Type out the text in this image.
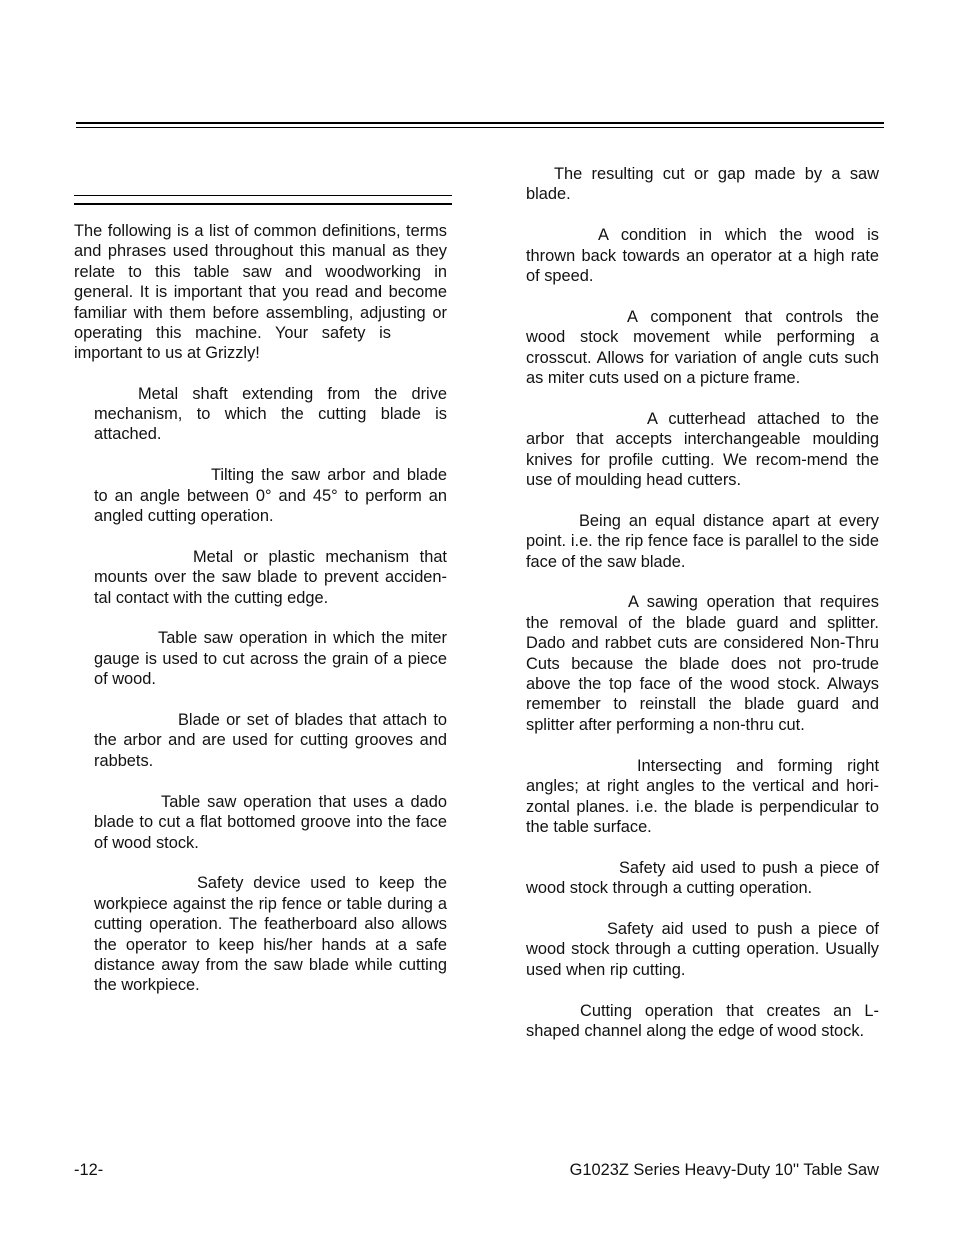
The following is a list of common definitions, terms and phrases used throughout this manual as they relate to this table saw and woodworking in general. It is important that you read and become familiar with them before assembling, adjusting or operating this machine. Your safety isimportant to us at Grizzly!

Metal shaft extending from the drive mechanism, to which the cutting blade is attached.

Tilting the saw arbor and blade to an angle between 0° and 45° to perform an angled cutting operation.

Metal or plastic mechanism that mounts over the saw blade to prevent acciden-tal contact with the cutting edge.

Table saw operation in which the miter gauge is used to cut across the grain of a piece of wood.

Blade or set of blades that attach to the arbor and are used for cutting grooves and rabbets.

Table saw operation that uses a dado blade to cut a flat bottomed groove into the face of wood stock.

Safety device used to keep the workpiece against the rip fence or table during a cutting operation. The featherboard also allows the operator to keep his/her hands at a safe distance away from the saw blade while cutting the workpiece.

The resulting cut or gap made by a saw blade.

A condition in which the wood is thrown back towards an operator at a high rate of speed.

A component that controls the wood stock movement while performing a crosscut. Allows for variation of angle cuts such as miter cuts used on a picture frame.

A cutterhead attached to the arbor that accepts interchangeable moulding knives for profile cutting. We recom-mend the use of moulding head cutters.

Being an equal distance apart at every point. i.e. the rip fence face is parallel to the side face of the saw blade.

A sawing operation that requires the removal of the blade guard and splitter. Dado and rabbet cuts are considered Non-Thru Cuts because the blade does not pro-trude above the top face of the wood stock. Always remember to reinstall the blade guard and splitter after performing a non-thru cut.

Intersecting and forming right angles; at right angles to the vertical and hori-zontal planes. i.e. the blade is perpendicular to the table surface.

Safety aid used to push a piece of wood stock through a cutting operation.

Safety aid used to push a piece of wood stock through a cutting operation. Usually used when rip cutting.

Cutting operation that creates an L-shaped channel along the edge of wood stock.

-12-	G1023Z Series Heavy-Duty 10'' Table Saw
